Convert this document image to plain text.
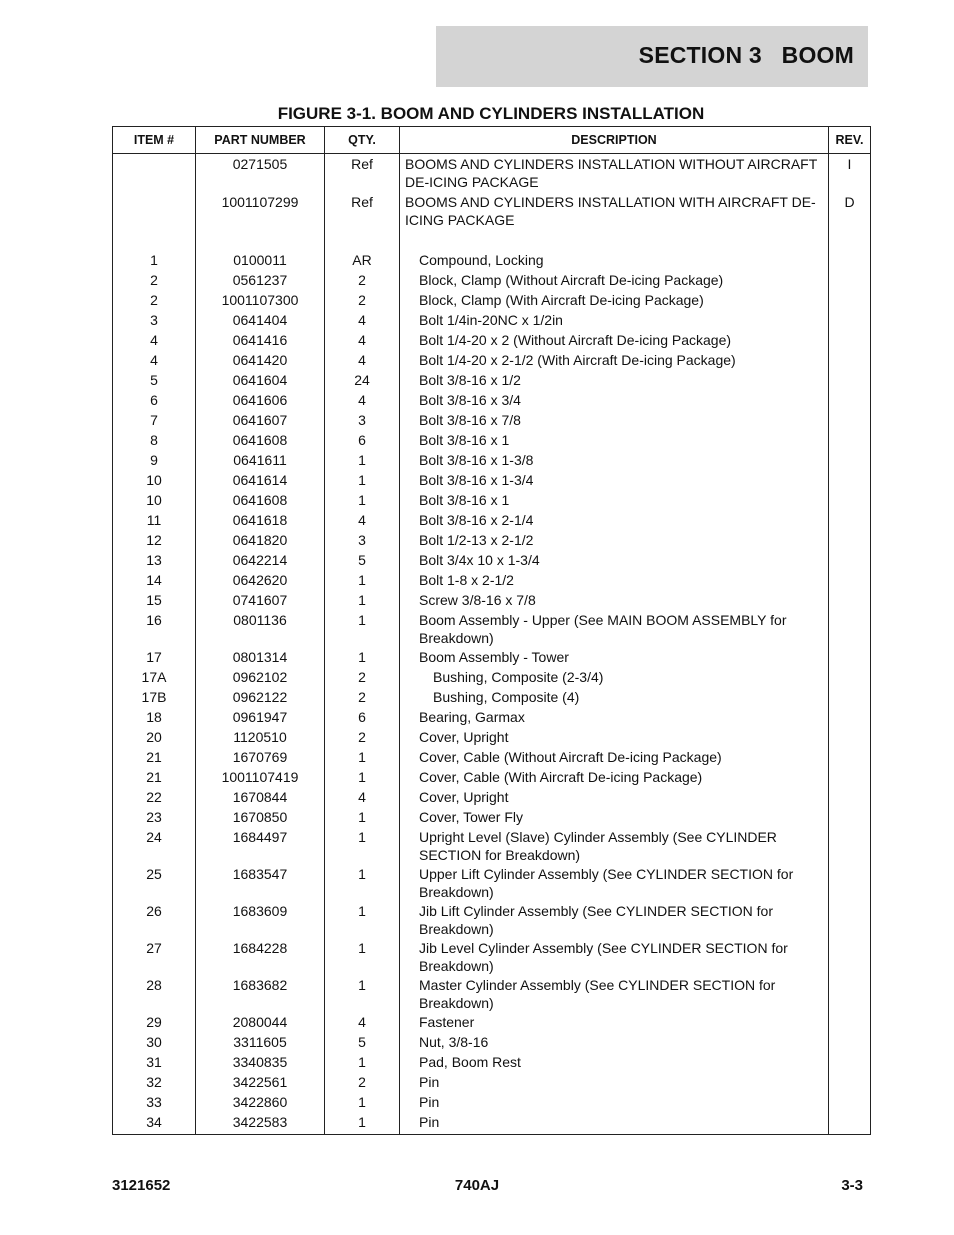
SECTION 3   BOOM
FIGURE 3-1. BOOM AND CYLINDERS INSTALLATION
ITEM #	PART NUMBER	QTY.	DESCRIPTION	REV.
	0271505	Ref	BOOMS AND CYLINDERS INSTALLATION WITHOUT AIRCRAFT DE-ICING PACKAGE	I
	1001107299	Ref	BOOMS AND CYLINDERS INSTALLATION WITH AIRCRAFT DE-ICING PACKAGE	D
1	0100011	AR	Compound, Locking	
2	0561237	2	Block, Clamp (Without Aircraft De-icing Package)	
2	1001107300	2	Block, Clamp (With Aircraft De-icing Package)	
3	0641404	4	Bolt 1/4in-20NC x 1/2in	
4	0641416	4	Bolt 1/4-20 x 2 (Without Aircraft De-icing Package)	
4	0641420	4	Bolt 1/4-20 x 2-1/2 (With Aircraft De-icing Package)	
5	0641604	24	Bolt 3/8-16 x 1/2	
6	0641606	4	Bolt 3/8-16 x 3/4	
7	0641607	3	Bolt 3/8-16 x 7/8	
8	0641608	6	Bolt 3/8-16 x 1	
9	0641611	1	Bolt 3/8-16 x 1-3/8	
10	0641614	1	Bolt 3/8-16 x 1-3/4	
10	0641608	1	Bolt 3/8-16 x 1	
11	0641618	4	Bolt 3/8-16 x 2-1/4	
12	0641820	3	Bolt 1/2-13 x 2-1/2	
13	0642214	5	Bolt 3/4x 10 x 1-3/4	
14	0642620	1	Bolt 1-8 x 2-1/2	
15	0741607	1	Screw 3/8-16 x 7/8	
16	0801136	1	Boom Assembly - Upper (See MAIN BOOM ASSEMBLY for Breakdown)	
17	0801314	1	Boom Assembly - Tower	
17A	0962102	2	Bushing, Composite (2-3/4)	
17B	0962122	2	Bushing, Composite (4)	
18	0961947	6	Bearing, Garmax	
20	1120510	2	Cover, Upright	
21	1670769	1	Cover, Cable (Without Aircraft De-icing Package)	
21	1001107419	1	Cover, Cable (With Aircraft De-icing Package)	
22	1670844	4	Cover, Upright	
23	1670850	1	Cover, Tower Fly	
24	1684497	1	Upright Level (Slave) Cylinder Assembly (See CYLINDER SECTION for Breakdown)	
25	1683547	1	Upper Lift Cylinder Assembly (See CYLINDER SECTION for Breakdown)	
26	1683609	1	Jib Lift Cylinder Assembly (See CYLINDER SECTION for Breakdown)	
27	1684228	1	Jib Level Cylinder Assembly (See CYLINDER SECTION for Breakdown)	
28	1683682	1	Master Cylinder Assembly (See CYLINDER SECTION for Breakdown)	
29	2080044	4	Fastener	
30	3311605	5	Nut, 3/8-16	
31	3340835	1	Pad, Boom Rest	
32	3422561	2	Pin	
33	3422860	1	Pin	
34	3422583	1	Pin	
3121652	740AJ	3-3
